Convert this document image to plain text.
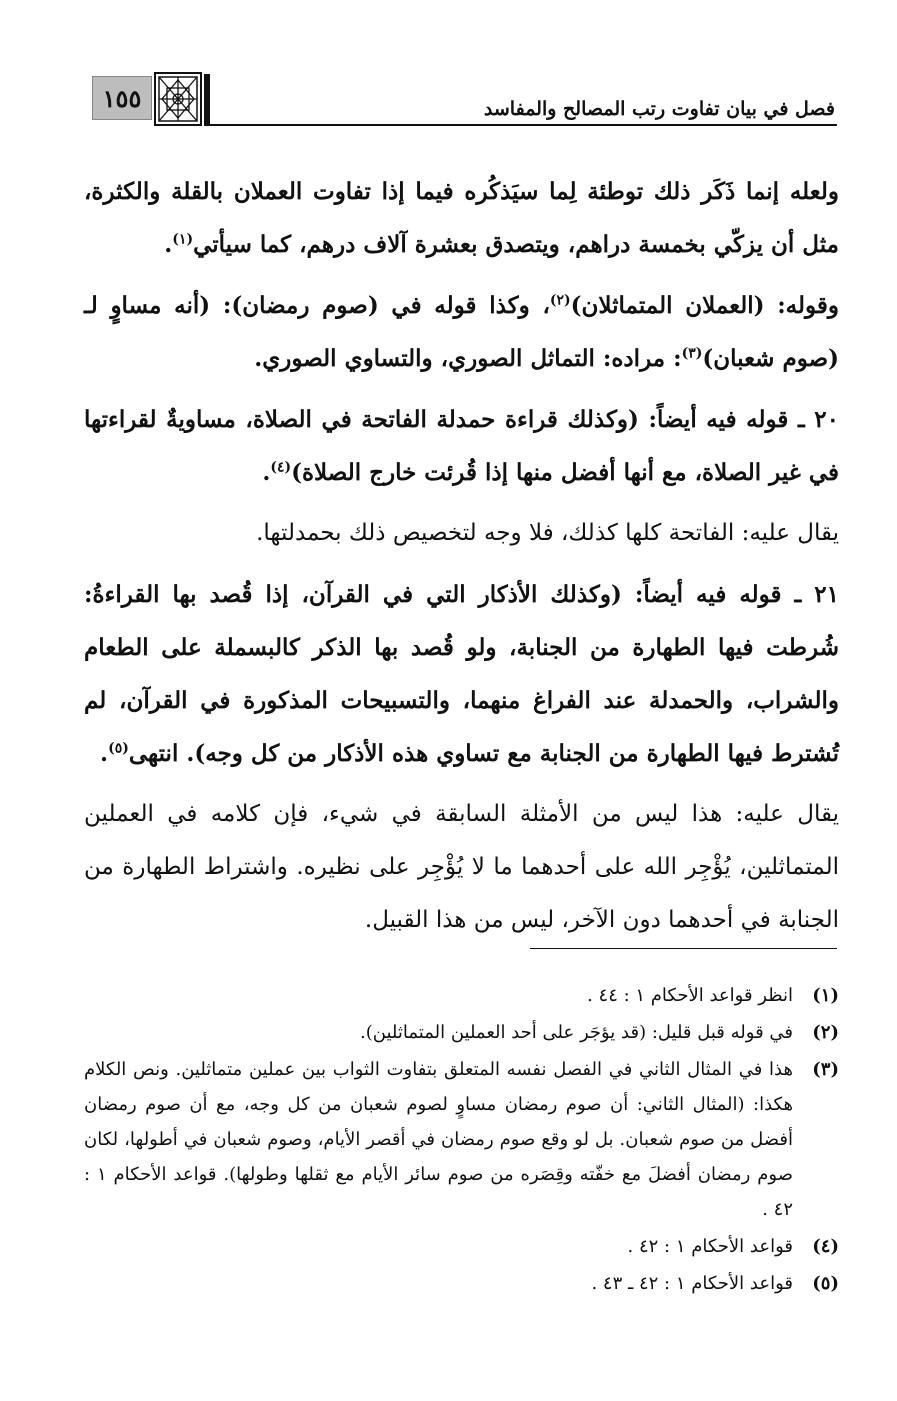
فصل في بيان تفاوت رتب المصالح والمفاسد
١٥٥

ولعله إنما ذَكَر ذلك توطئة لِما سيَذكُره فيما إذا تفاوت العملان بالقلة والكثرة، مثل أن يزكّي بخمسة دراهم، ويتصدق بعشرة آلاف درهم، كما سيأتي$^{(١)}$.

وقوله: (العملان المتماثلان)$^{(٢)}$، وكذا قوله في (صوم رمضان): (أنه مساوٍ لـ (صوم شعبان)$^{(٣)}$: مراده: التماثل الصوري، والتساوي الصوري.

٢٠ ـ قوله فيه أيضاً: (وكذلك قراءة حمدلة الفاتحة في الصلاة، مساويةٌ لقراءتها في غير الصلاة، مع أنها أفضل منها إذا قُرئت خارج الصلاة)$^{(٤)}$.

يقال عليه: الفاتحة كلها كذلك، فلا وجه لتخصيص ذلك بحمدلتها.

٢١ ـ قوله فيه أيضاً: (وكذلك الأذكار التي في القرآن، إذا قُصد بها القراءةُ: شُرطت فيها الطهارة من الجنابة، ولو قُصد بها الذكر كالبسملة على الطعام والشراب، والحمدلة عند الفراغ منهما، والتسبيحات المذكورة في القرآن، لم تُشترط فيها الطهارة من الجنابة مع تساوي هذه الأذكار من كل وجه). انتهى$^{(٥)}$.

يقال عليه: هذا ليس من الأمثلة السابقة في شيء، فإن كلامه في العملين المتماثلين، يُؤْجِر الله على أحدهما ما لا يُؤْجِر على نظيره. واشتراط الطهارة من الجنابة في أحدهما دون الآخر، ليس من هذا القبيل.

(١)
انظر قواعد الأحكام ١ : ٤٤ .
(٢)
في قوله قبل قليل: (قد يؤجَر على أحد العملين المتماثلين).
(٣)
هذا في المثال الثاني في الفصل نفسه المتعلق بتفاوت الثواب بين عملين متماثلين. ونص الكلام هكذا: (المثال الثاني: أن صوم رمضان مساوٍ لصوم شعبان من كل وجه، مع أن صوم رمضان أفضل من صوم شعبان. بل لو وقع صوم رمضان في أقصر الأيام، وصوم شعبان في أطولها، لكان صوم رمضان أفضلَ مع خفّته وقِصَره من صوم سائر الأيام مع ثقلها وطولها). قواعد الأحكام ١ : ٤٢ .
(٤)
قواعد الأحكام ١ : ٤٢ .
(٥)
قواعد الأحكام ١ : ٤٢ ـ ٤٣ .
